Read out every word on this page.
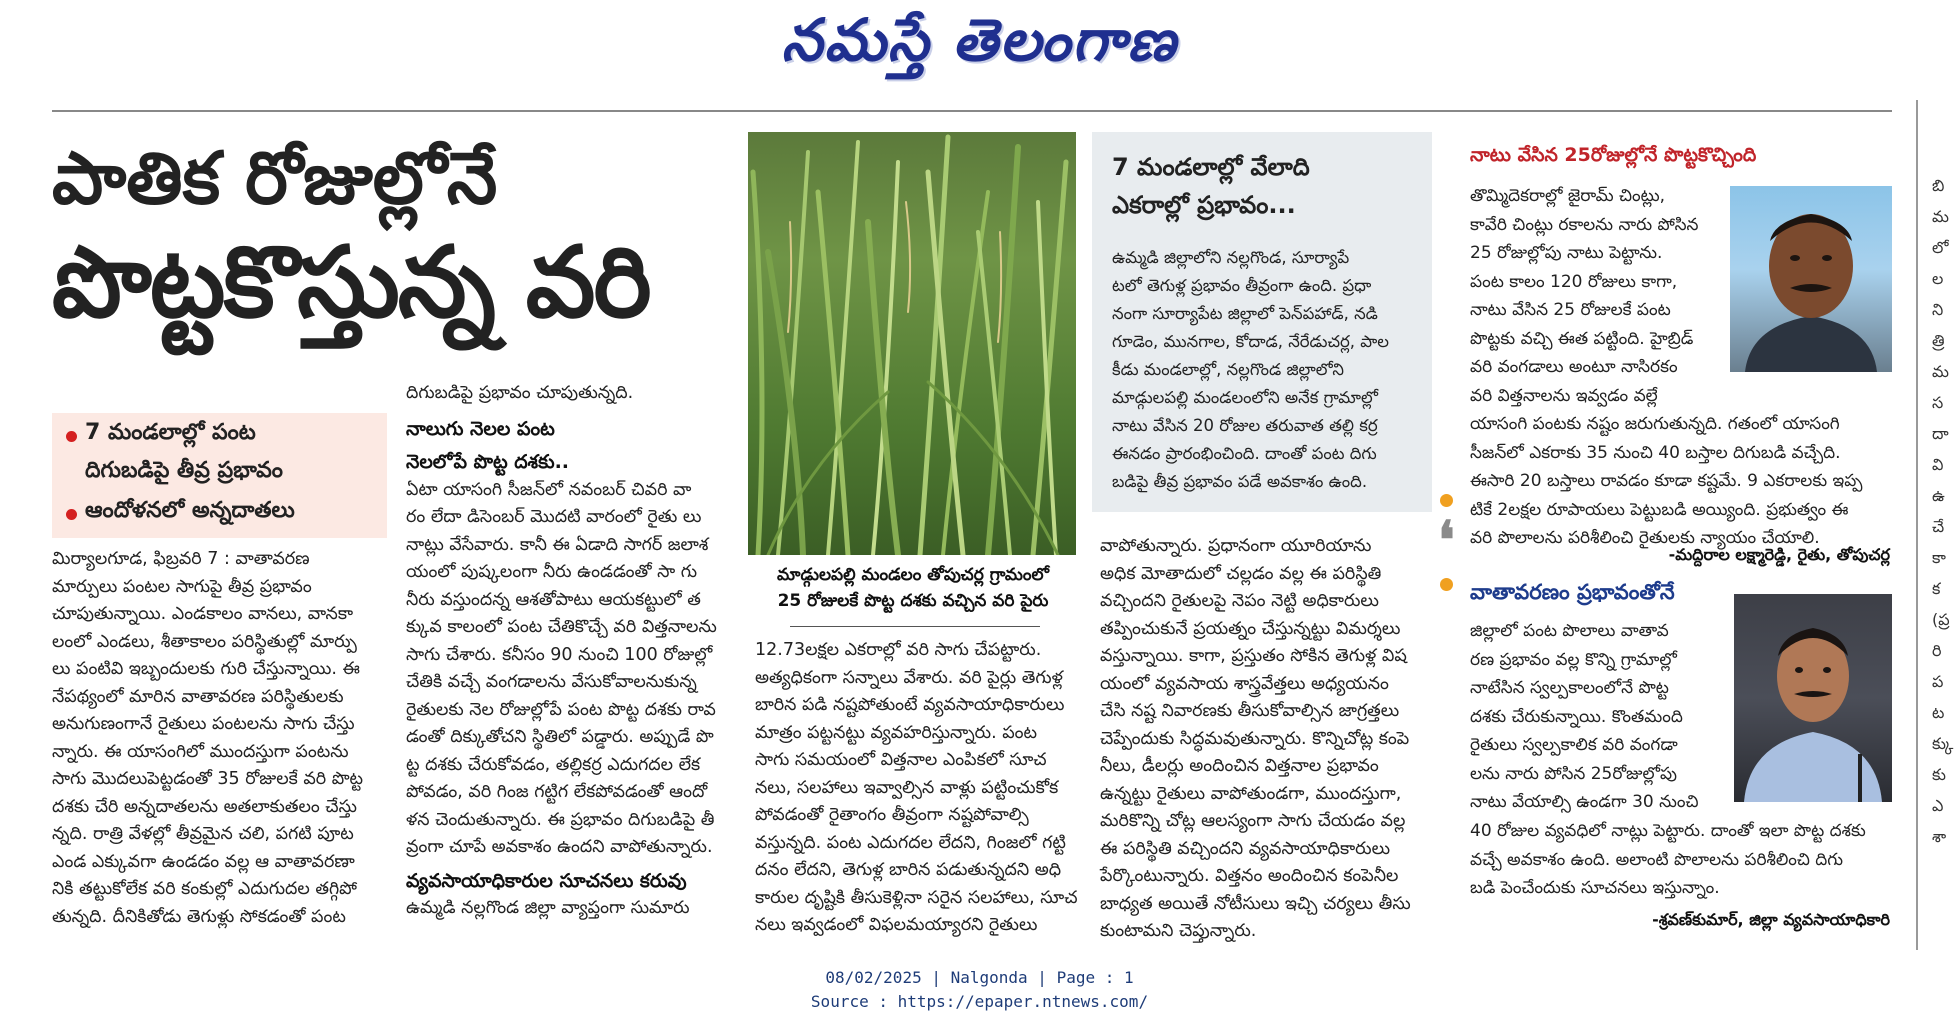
నమస్తే తెలంగాణ
పాతిక రోజుల్లోనే
పొట్టకొస్తున్న వరి
7 మండలాల్లో పంట
దిగుబడిపై తీవ్ర ప్రభావం
ఆందోళనలో అన్నదాతలు
మిర్యాలగూడ, ఫిబ్రవరి 7 : వాతావరణ
మార్పులు పంటల సాగుపై తీవ్ర ప్రభావం
చూపుతున్నాయి. ఎండకాలం వానలు, వానకా
లంలో ఎండలు, శీతాకాలం పరిస్థితుల్లో మార్పు
లు పంటివి ఇబ్బందులకు గురి చేస్తున్నాయి. ఈ
నేపథ్యంలో మారిన వాతావరణ పరిస్థితులకు
అనుగుణంగానే రైతులు పంటలను సాగు చేస్తు
న్నారు. ఈ యాసంగిలో ముందస్తుగా పంటను
సాగు మొదలుపెట్టడంతో 35 రోజులకే వరి పొట్ట
దశకు చేరి అన్నదాతలను అతలాకుతలం చేస్తు
న్నది. రాత్రి వేళల్లో తీవ్రమైన చలి, పగటి పూట
ఎండ ఎక్కువగా ఉండడం వల్ల ఆ వాతావరణా
నికి తట్టుకోలేక వరి కంకుల్లో ఎదుగుదల తగ్గిపో
తున్నది. దీనికితోడు తెగుళ్లు సోకడంతో పంట
దిగుబడిపై ప్రభావం చూపుతున్నది.
నాలుగు నెలల పంట
నెలలోపే పొట్ట దశకు..
ఏటా యాసంగి సీజన్‌లో నవంబర్ చివరి వా
రం లేదా డిసెంబర్ మొదటి వారంలో రైతు లు
నాట్లు వేసేవారు. కానీ ఈ ఏడాది సాగర్ జలాశ
యంలో పుష్కలంగా నీరు ఉండడంతో సా గు
నీరు వస్తుందన్న ఆశతోపాటు ఆయకట్టులో త
క్కువ కాలంలో పంట చేతికొచ్చే వరి విత్తనాలను
సాగు చేశారు. కనీసం 90 నుంచి 100 రోజుల్లో
చేతికి వచ్చే వంగడాలను వేసుకోవాలనుకున్న
రైతులకు నెల రోజుల్లోపే పంట పొట్ట దశకు రావ
డంతో దిక్కుతోచని స్థితిలో పడ్డారు. అప్పుడే పొ
ట్ట దశకు చేరుకోవడం, తల్లికర్ర ఎదుగదల లేక
పోవడం, వరి గింజ గట్టిగ లేకపోవడంతో ఆందో
ళన చెందుతున్నారు. ఈ ప్రభావం దిగుబడిపై తీ
వ్రంగా చూపే అవకాశం ఉందని వాపోతున్నారు.
వ్యవసాయాధికారుల సూచనలు కరువు
ఉమ్మడి నల్లగొండ జిల్లా వ్యాప్తంగా సుమారు
మాడ్గులపల్లి మండలం తోపుచర్ల గ్రామంలో
25 రోజులకే పొట్ట దశకు వచ్చిన వరి పైరు
12.73లక్షల ఎకరాల్లో వరి సాగు చేపట్టారు.
అత్యధికంగా సన్నాలు వేశారు. వరి పైర్లు తెగుళ్ల
బారిన పడి నష్టపోతుంటే వ్యవసాయాధికారులు
మాత్రం పట్టనట్టు వ్యవహరిస్తున్నారు. పంట
సాగు సమయంలో విత్తనాల ఎంపికలో సూచ
నలు, సలహాలు ఇవ్వాల్సిన వాళ్లు పట్టించుకోక
పోవడంతో రైతాంగం తీవ్రంగా నష్టపోవాల్సి
వస్తున్నది. పంట ఎదుగదల లేదని, గింజలో గట్టి
దనం లేదని, తెగుళ్ల బారిన పడుతున్నదని అధి
కారుల దృష్టికి తీసుకెళ్లినా సరైన సలహాలు, సూచ
నలు ఇవ్వడంలో విఫలమయ్యారని రైతులు
7 మండలాల్లో వేలాది
ఎకరాల్లో ప్రభావం...
ఉమ్మడి జిల్లాలోని నల్లగొండ, సూర్యాపే
టలో తెగుళ్ల ప్రభావం తీవ్రంగా ఉంది. ప్రధా
నంగా సూర్యాపేట జిల్లాలో పెన్‌పహాడ్, నడి
గూడెం, మునగాల, కోదాడ, నేరేడుచర్ల, పాల
కీడు మండలాల్లో, నల్లగొండ జిల్లాలోని
మాడ్గులపల్లి మండలంలోని అనేక గ్రామాల్లో
నాటు వేసిన 20 రోజుల తరువాత తల్లి కర్ర
ఈనడం ప్రారంభించింది. దాంతో పంట దిగు
బడిపై తీవ్ర ప్రభావం పడే అవకాశం ఉంది.
వాపోతున్నారు. ప్రధానంగా యూరియాను
అధిక మోతాదులో చల్లడం వల్ల ఈ పరిస్థితి
వచ్చిందని రైతులపై నెపం నెట్టి అధికారులు
తప్పించుకునే ప్రయత్నం చేస్తున్నట్టు విమర్శలు
వస్తున్నాయి. కాగా, ప్రస్తుతం సోకిన తెగుళ్ల విష
యంలో వ్యవసాయ శాస్త్రవేత్తలు అధ్యయనం
చేసి నష్ట నివారణకు తీసుకోవాల్సిన జాగ్రత్తలు
చెప్పేందుకు సిద్ధమవుతున్నారు. కొన్నిచోట్ల కంపె
నీలు, డీలర్లు అందించిన విత్తనాల ప్రభావం
ఉన్నట్టు రైతులు వాపోతుండగా, ముందస్తుగా,
మరికొన్ని చోట్ల ఆలస్యంగా సాగు చేయడం వల్ల
ఈ పరిస్థితి వచ్చిందని వ్యవసాయాధికారులు
పేర్కొంటున్నారు. విత్తనం అందించిన కంపెనీల
బాధ్యత అయితే నోటీసులు ఇచ్చి చర్యలు తీసు
కుంటామని చెప్తున్నారు.
❛
నాటు వేసిన 25రోజుల్లోనే పొట్టకొచ్చింది
తొమ్మిదెకరాల్లో జైరామ్ చింట్లు,
కావేరి చింట్లు రకాలను నారు పోసిన
25 రోజుల్లోపు నాటు పెట్టాను.
పంట కాలం 120 రోజులు కాగా,
నాటు వేసిన 25 రోజులకే పంట
పొట్టకు వచ్చి ఈత పట్టింది. హైబ్రిడ్
వరి వంగడాలు అంటూ నాసిరకం
వరి విత్తనాలను ఇవ్వడం వల్లే
యాసంగి పంటకు నష్టం జరుగుతున్నది. గతంలో యాసంగి
సీజన్‌లో ఎకరాకు 35 నుంచి 40 బస్తాల దిగుబడి వచ్చేది.
ఈసారి 20 బస్తాలు రావడం కూడా కష్టమే. 9 ఎకరాలకు ఇప్ప
టికే 2లక్షల రూపాయలు పెట్టుబడి అయ్యింది. ప్రభుత్వం ఈ
వరి పొలాలను పరిశీలించి రైతులకు న్యాయం చేయాలి.
-మద్దిరాల లక్ష్మారెడ్డి, రైతు, తోపుచర్ల
వాతావరణం ప్రభావంతోనే
జిల్లాలో పంట పొలాలు వాతావ
రణ ప్రభావం వల్ల కొన్ని గ్రామాల్లో
నాటేసిన స్వల్పకాలంలోనే పొట్ట
దశకు చేరుకున్నాయి. కొంతమంది
రైతులు స్వల్పకాలిక వరి వంగడా
లను నారు పోసిన 25రోజుల్లోపు
నాటు వేయాల్సి ఉండగా 30 నుంచి
40 రోజుల వ్యవధిలో నాట్లు పెట్టారు. దాంతో ఇలా పొట్ట దశకు
వచ్చే అవకాశం ఉంది. అలాంటి పొలాలను పరిశీలించి దిగు
బడి పెంచేందుకు సూచనలు ఇస్తున్నాం.
-శ్రవణ్‌కుమార్, జిల్లా వ్యవసాయాధికారి
బి
మ
లో
ల
ని
త్రి
మ
స
దా
వి
ఉ
చే
కా
క
(ప్ర
రి
ప
ట
క్కు
కు
ఎ
శా
08/02/2025 | Nalgonda | Page : 1
Source : https://epaper.ntnews.com/
